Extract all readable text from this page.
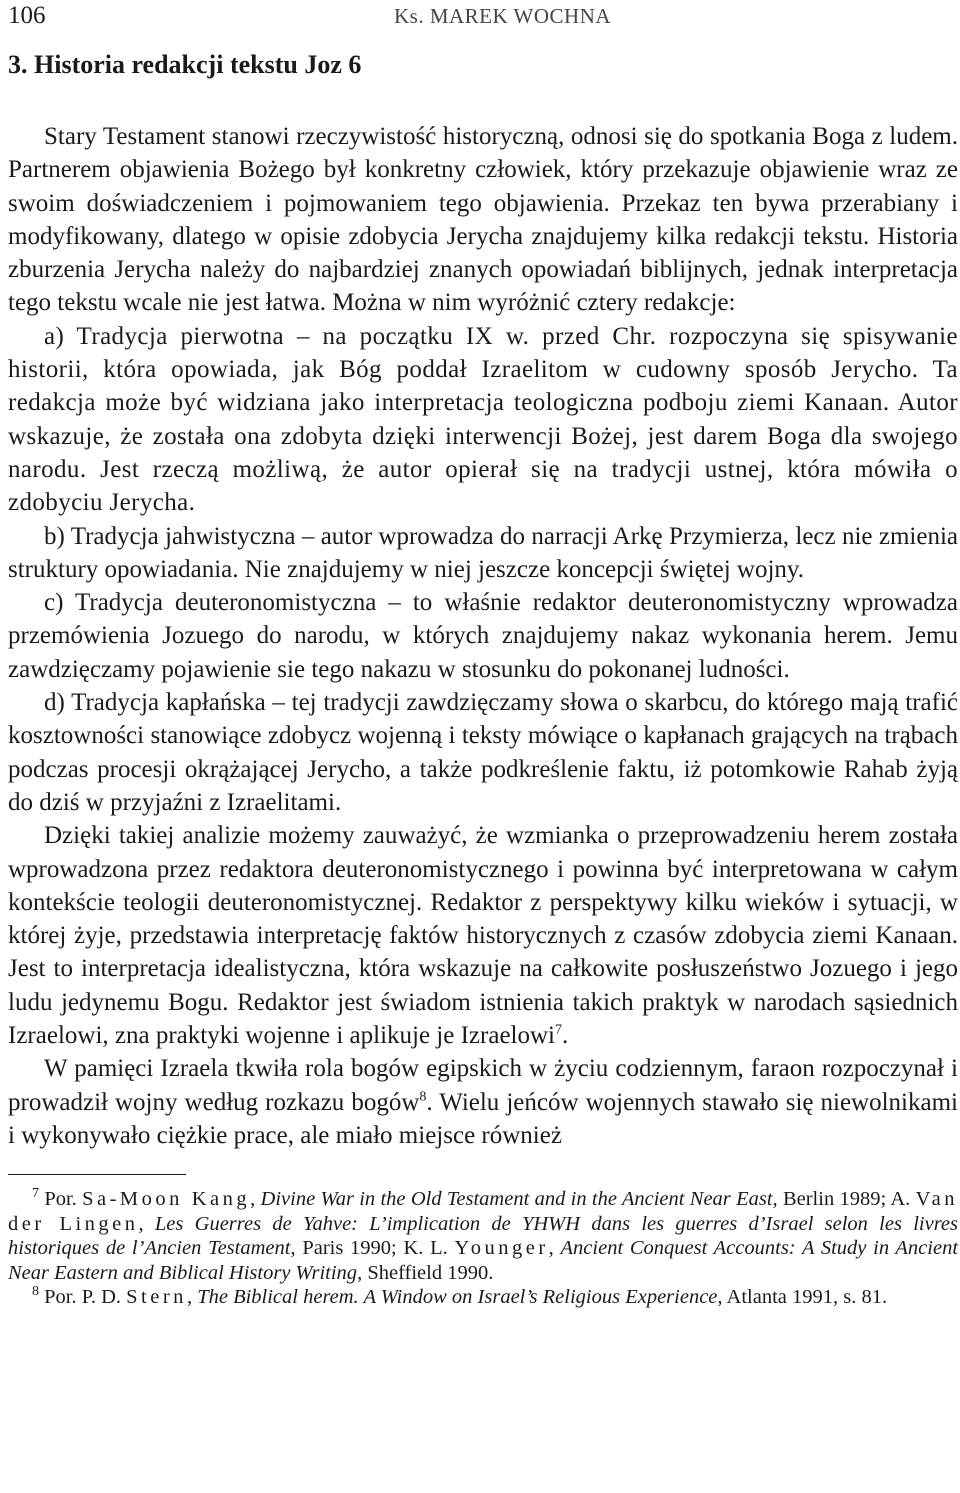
106	Ks. MAREK WOCHNA
3. Historia redakcji tekstu Joz 6

Stary Testament stanowi rzeczywistość historyczną, odnosi się do spotkania Boga z ludem. Partnerem objawienia Bożego był konkretny człowiek, który przekazuje objawienie wraz ze swoim doświadczeniem i pojmowaniem tego objawienia. Przekaz ten bywa przerabiany i modyfikowany, dlatego w opisie zdobycia Jerycha znajdujemy kilka redakcji tekstu. Historia zburzenia Jerycha należy do najbardziej znanych opowiadań biblijnych, jednak interpretacja tego tekstu wcale nie jest łatwa. Można w nim wyróżnić cztery redakcje:

a) Tradycja pierwotna – na początku IX w. przed Chr. rozpoczyna się spisywanie historii, która opowiada, jak Bóg poddał Izraelitom w cudowny sposób Jerycho. Ta redakcja może być widziana jako interpretacja teologiczna podboju ziemi Kanaan. Autor wskazuje, że została ona zdobyta dzięki interwencji Bożej, jest darem Boga dla swojego narodu. Jest rzeczą możliwą, że autor opierał się na tradycji ustnej, która mówiła o zdobyciu Jerycha.

b) Tradycja jahwistyczna – autor wprowadza do narracji Arkę Przymierza, lecz nie zmienia struktury opowiadania. Nie znajdujemy w niej jeszcze koncepcji świętej wojny.

c) Tradycja deuteronomistyczna – to właśnie redaktor deuteronomistyczny wprowadza przemówienia Jozuego do narodu, w których znajdujemy nakaz wykonania herem. Jemu zawdzięczamy pojawienie sie tego nakazu w stosunku do pokonanej ludności.

d) Tradycja kapłańska – tej tradycji zawdzięczamy słowa o skarbcu, do którego mają trafić kosztowności stanowiące zdobycz wojenną i teksty mówiące o kapłanach grających na trąbach podczas procesji okrążającej Jerycho, a także podkreślenie faktu, iż potomkowie Rahab żyją do dziś w przyjaźni z Izraelitami.

Dzięki takiej analizie możemy zauważyć, że wzmianka o przeprowadzeniu herem została wprowadzona przez redaktora deuteronomistycznego i powinna być interpretowana w całym kontekście teologii deuteronomistycznej. Redaktor z perspektywy kilku wieków i sytuacji, w której żyje, przedstawia interpretację faktów historycznych z czasów zdobycia ziemi Kanaan. Jest to interpretacja idealistyczna, która wskazuje na całkowite posłuszeństwo Jozuego i jego ludu jedynemu Bogu. Redaktor jest świadom istnienia takich praktyk w narodach sąsiednich Izraelowi, zna praktyki wojenne i aplikuje je Izraelowi$^7$.

W pamięci Izraela tkwiła rola bogów egipskich w życiu codziennym, faraon rozpoczynał i prowadził wojny według rozkazu bogów$^8$. Wielu jeńców wojennych stawało się niewolnikami i wykonywało ciężkie prace, ale miało miejsce również

$^7$ Por. Sa-Moon Kang, Divine War in the Old Testament and in the Ancient Near East, Berlin 1989; A. Van der Lingen, Les Guerres de Yahve: L’implication de YHWH dans les guerres d’Israel selon les livres historiques de l’Ancien Testament, Paris 1990; K. L. Younger, Ancient Conquest Accounts: A Study in Ancient Near Eastern and Biblical History Writing, Sheffield 1990.

$^8$ Por. P. D. Stern, The Biblical herem. A Window on Israel’s Religious Experience, Atlanta 1991, s. 81.
